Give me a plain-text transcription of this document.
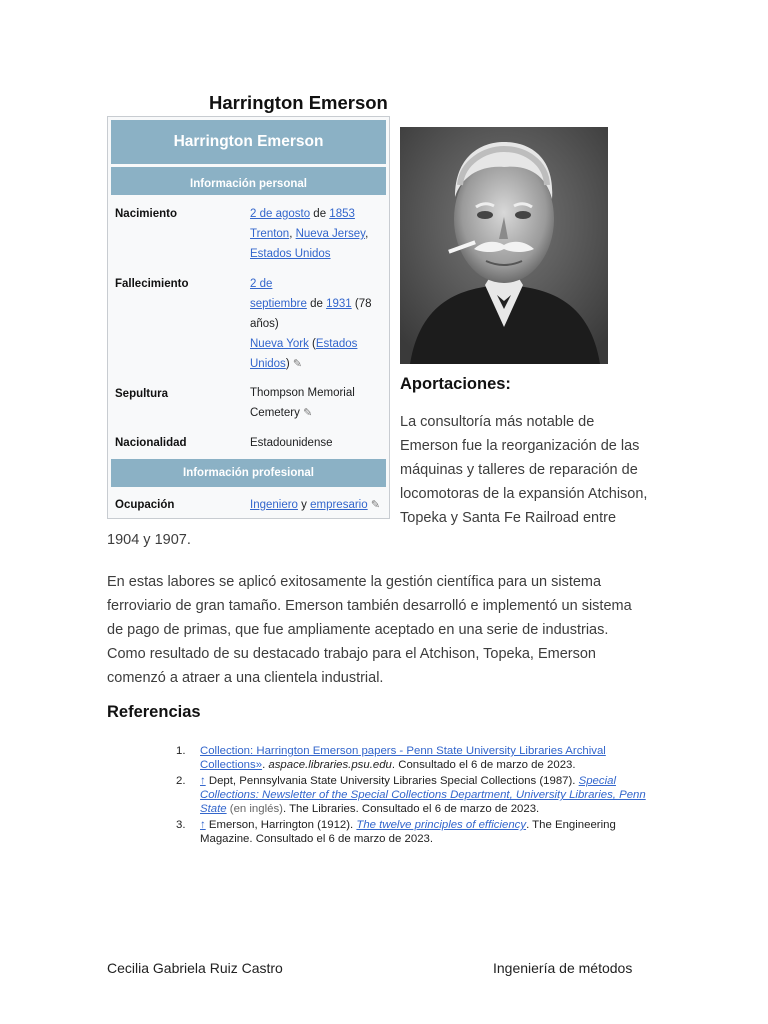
Harrington Emerson
Harrington Emerson
Información personal
Nacimiento	2 de agosto de 1853
Trenton, Nueva Jersey, Estados Unidos
Fallecimiento	2 de
septiembre de 1931 (78 años)
Nueva York (Estados Unidos) ✎
Sepultura	Thompson Memorial Cemetery ✎
Nacionalidad	Estadounidense
Información profesional
Ocupación	Ingeniero y empresario ✎
Aportaciones:
La consultoría más notable de
Emerson fue la reorganización de las
máquinas y talleres de reparación de
locomotoras de la expansión Atchison,
Topeka y Santa Fe Railroad entre
1904 y 1907.
En estas labores se aplicó exitosamente la gestión científica para un sistema
ferroviario de gran tamaño. Emerson también desarrolló e implementó un sistema
de pago de primas, que fue ampliamente aceptado en una serie de industrias.
Como resultado de su destacado trabajo para el Atchison, Topeka, Emerson
comenzó a atraer a una clientela industrial.
Referencias
1. Collection: Harrington Emerson papers - Penn State University Libraries Archival Collections». aspace.libraries.psu.edu. Consultado el 6 de marzo de 2023.
2. ↑ Dept, Pennsylvania State University Libraries Special Collections (1987). Special Collections: Newsletter of the Special Collections Department, University Libraries, Penn State (en inglés). The Libraries. Consultado el 6 de marzo de 2023.
3. ↑ Emerson, Harrington (1912). The twelve principles of efficiency. The Engineering Magazine. Consultado el 6 de marzo de 2023.
Cecilia Gabriela Ruiz Castro	Ingeniería de métodos
